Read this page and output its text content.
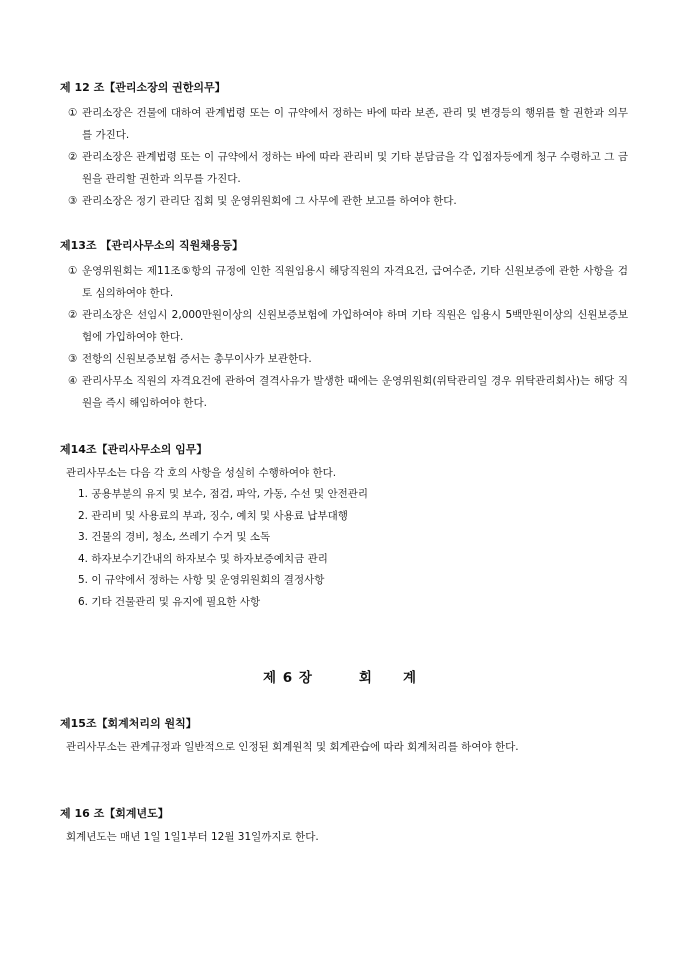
제 12 조【관리소장의 권한의무】
① 관리소장은 건물에 대하여 관계법령 또는 이 규약에서 정하는 바에 따라 보존, 관리 및 변경등의 행위를 할 권한과 의무를 가진다.
② 관리소장은 관계법령 또는 이 규약에서 정하는 바에 따라 관리비 및 기타 분담금을 각 입점자등에게 청구 수령하고 그 금원을 관리할 권한과 의무를 가진다.
③ 관리소장은 정기 관리단 집회 및 운영위원회에 그 사무에 관한 보고를 하여야 한다.
제13조 【관리사무소의 직원채용등】
① 운영위원회는 제11조⑤항의 규정에 인한 직원임용시 해당직원의 자격요건, 급여수준, 기타 신원보증에 관한 사항을 검토 심의하여야 한다.
② 관리소장은 선임시 2,000만원이상의 신원보증보험에 가입하여야 하며 기타 직원은 임용시 5백만원이상의 신원보증보험에 가입하여야 한다.
③ 전항의 신원보증보험 증서는 총무이사가 보관한다.
④ 관리사무소 직원의 자격요건에 관하여 결격사유가 발생한 때에는 운영위원회(위탁관리일 경우 위탁관리회사)는 해당 직원을 즉시 해임하여야 한다.
제14조【관리사무소의 임무】
관리사무소는 다음 각 호의 사항을 성실히 수행하여야 한다.
1. 공용부분의 유지 및 보수, 점검, 파악, 가동, 수선 및 안전관리
2. 관리비 및 사용료의 부과, 징수, 예치 및 사용료 납부대행
3. 건물의 경비, 청소, 쓰레기 수거 및 소독
4. 하자보수기간내의 하자보수 및 하자보증예치금 관리
5. 이 규약에서 정하는 사항 및 운영위원회의 결정사항
6. 기타 건물관리 및 유지에 필요한 사항
제 6 장	회 계
제15조【회계처리의 원칙】
관리사무소는 관계규정과 일반적으로 인정된 회계원칙 및 회계관습에 따라 회계처리를 하여야 한다.
제 16 조【회계년도】
회계년도는 매년 1일 1일1부터 12월 31일까지로 한다.
